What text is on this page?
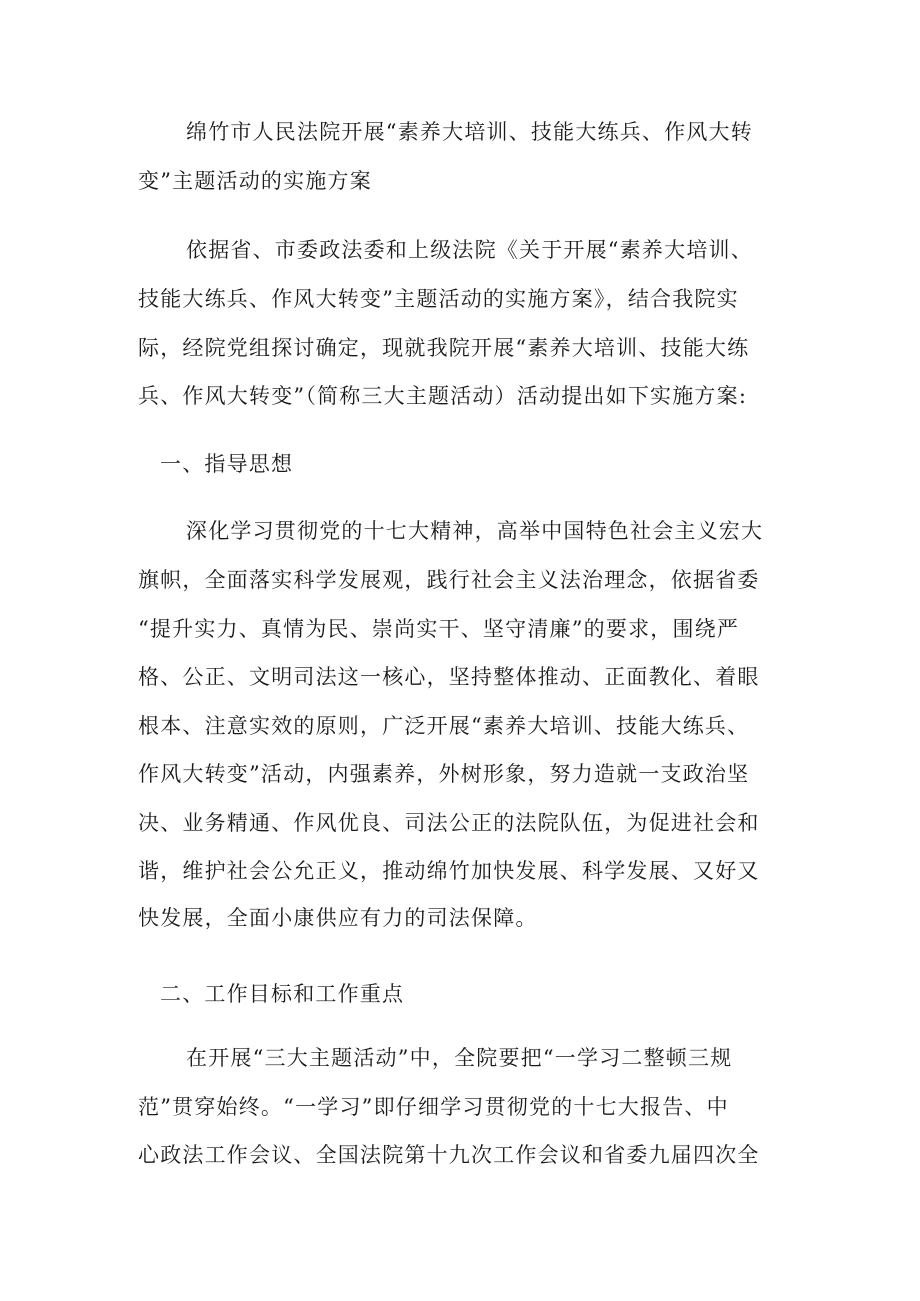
绵竹市人民法院开展“素养大培训、技能大练兵、作风大转
变”主题活动的实施方案
依据省、市委政法委和上级法院《关于开展“素养大培训、
技能大练兵、作风大转变”主题活动的实施方案》，结合我院实
际，经院党组探讨确定，现就我院开展“素养大培训、技能大练
兵、作风大转变”（简称三大主题活动）活动提出如下实施方案:
一、指导思想
深化学习贯彻党的十七大精神，高举中国特色社会主义宏大
旗帜，全面落实科学发展观，践行社会主义法治理念，依据省委
“提升实力、真情为民、崇尚实干、坚守清廉”的要求，围绕严
格、公正、文明司法这一核心，坚持整体推动、正面教化、着眼
根本、注意实效的原则，广泛开展“素养大培训、技能大练兵、
作风大转变”活动，内强素养，外树形象，努力造就一支政治坚
决、业务精通、作风优良、司法公正的法院队伍，为促进社会和
谐，维护社会公允正义，推动绵竹加快发展、科学发展、又好又
快发展，全面小康供应有力的司法保障。
二、工作目标和工作重点
在开展“三大主题活动”中，全院要把“一学习二整顿三规
范”贯穿始终。“一学习”即仔细学习贯彻党的十七大报告、中
心政法工作会议、全国法院第十九次工作会议和省委九届四次全
